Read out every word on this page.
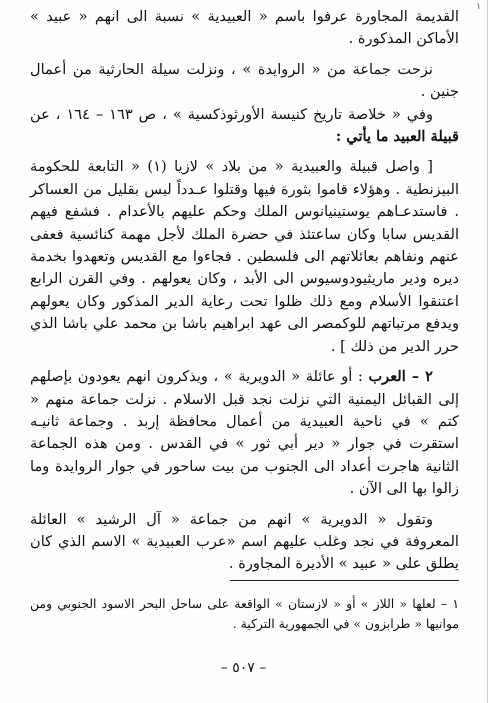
١

القديمة المجاورة عرفوا باسم « العبيدية » نسبة الى انهم « عبيد » الأماكن المذكورة .

نزحت جماعة من « الروايدة » ، ونزلت سيلة الحارثية من أعمال جنين .

وفي « خلاصة تاريخ كنيسة الأورثوذكسية » ، ص ١٦٣ – ١٦٤ ، عن قبيلة العبيد ما يأتي :

[ واصل قبيلة والعبيدية « من بلاد » لازيا (١) « التابعة للحكومة البيزنطية . وهؤلاء قاموا بثورة فيها وقتلوا عـدداً ليس بقليل من العساكر . فاستدعـاهم يوستينيانوس الملك وحكم عليهم بالأعدام . فشفع فيهم القديس سابا وكان ساعتئذ في حضرة الملك لأجل مهمة كنائسية فعفى عنهم ونفاهم بعائلاتهم الى فلسطين . فجاءوا مع القديس وتعهدوا بخدمة ديره ودير ماريثيودوسيوس الى الأبد ، وكان يعولهم . وفي القرن الرابع اعتنقوا الأسلام ومع ذلك ظلوا تحت رعاية الدير المذكور وكان يعولهم ويدفع مرتباتهم للوكمصر الى عهد ابراهيم باشا بن محمد علي باشا الذي حرر الدير من ذلك ] .

٢ – العرب : أو عائلة « الدويرية » ، ويذكرون انهم يعودون بإصلهم إلى القبائل اليمنية التي نزلت نجد قبل الاسلام . نزلت جماعة منهم « كتم » في ناحية العبيدية من أعمال محافظة إربد . وجماعة ثانيـه استقرت في جوار « دير أبي ثور » في القدس . ومن هذه الجماعة الثانية هاجرت أعداد الى الجنوب من بيت ساحور في جوار الروايدة وما زالوا بها الى الآن .

وتقول « الدويرية » انهم من جماعة « آل الرشيد » العائلة المعروفة في نجد وغلب عليهم اسم «عرب العبيدية » الاسم الذي كان يطلق على « عبيد » الأديرة المجاورة .

١ – لعلها « اللاز » أو « لازستان » الواقعة على ساحل البحر الاسود الجنوبي ومن موانيها « طرابزون » في الجمهورية التركية .

– ٥٠٧ –
